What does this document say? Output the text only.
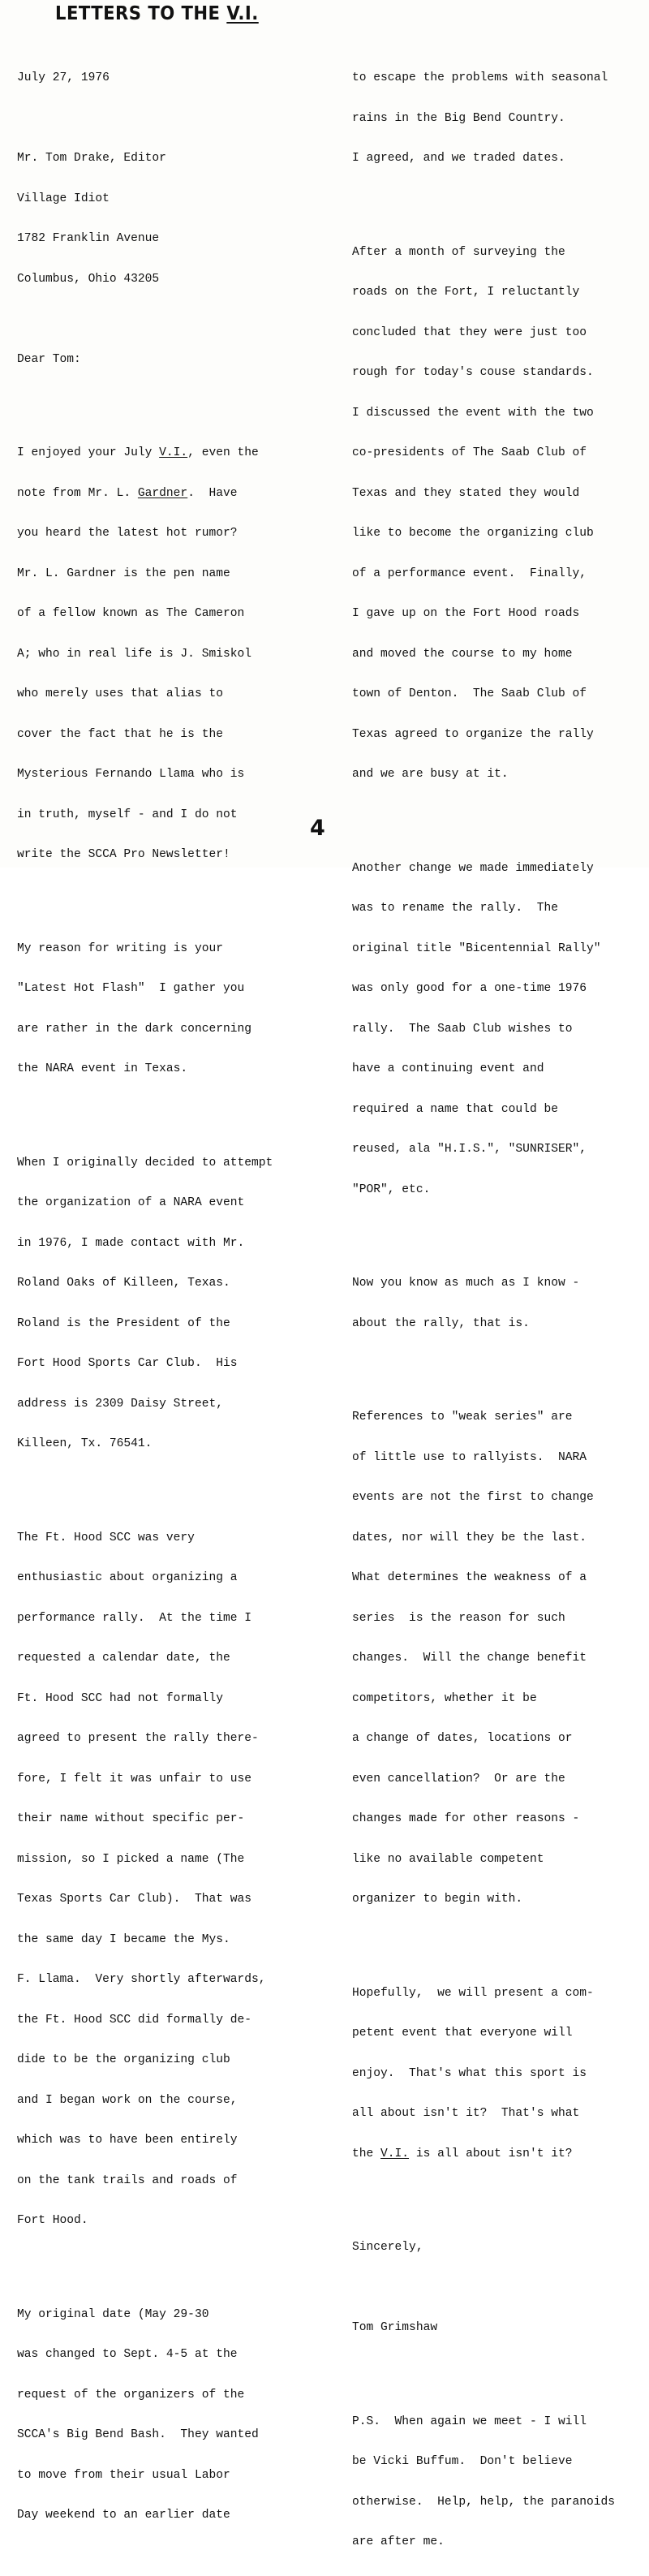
LETTERS TO THE V.I.

July 27, 1976

Mr. Tom Drake, Editor

Village Idiot

1782 Franklin Avenue

Columbus, Ohio 43205

Dear Tom:

I enjoyed your July V.I., even the

note from Mr. L. Gardner.  Have

you heard the latest hot rumor?

Mr. L. Gardner is the pen name

of a fellow known as The Cameron

A; who in real life is J. Smiskol

who merely uses that alias to

cover the fact that he is the

Mysterious Fernando Llama who is

in truth, myself - and I do not

write the SCCA Pro Newsletter!

My reason for writing is your

"Latest Hot Flash"  I gather you

are rather in the dark concerning

the NARA event in Texas.

When I originally decided to attempt

the organization of a NARA event

in 1976, I made contact with Mr.

Roland Oaks of Killeen, Texas.

Roland is the President of the

Fort Hood Sports Car Club.  His

address is 2309 Daisy Street,

Killeen, Tx. 76541.

The Ft. Hood SCC was very

enthusiastic about organizing a

performance rally.  At the time I

requested a calendar date, the

Ft. Hood SCC had not formally

agreed to present the rally there-

fore, I felt it was unfair to use

their name without specific per-

mission, so I picked a name (The

Texas Sports Car Club).  That was

the same day I became the Mys.

F. Llama.  Very shortly afterwards,

the Ft. Hood SCC did formally de-

dide to be the organizing club

and I began work on the course,

which was to have been entirely

on the tank trails and roads of

Fort Hood.

My original date (May 29-30

was changed to Sept. 4-5 at the

request of the organizers of the

SCCA's Big Bend Bash.  They wanted

to move from their usual Labor

Day weekend to an earlier date

to escape the problems with seasonal

rains in the Big Bend Country.

I agreed, and we traded dates.

After a month of surveying the

roads on the Fort, I reluctantly

concluded that they were just too

rough for today's couse standards.

I discussed the event with the two

co-presidents of The Saab Club of

Texas and they stated they would

like to become the organizing club

of a performance event.  Finally,

I gave up on the Fort Hood roads

and moved the course to my home

town of Denton.  The Saab Club of

Texas agreed to organize the rally

and we are busy at it.

Another change we made immediately

was to rename the rally.  The

original title "Bicentennial Rally"

was only good for a one-time 1976

rally.  The Saab Club wishes to

have a continuing event and

required a name that could be

reused, ala "H.I.S.", "SUNRISER",

"POR", etc.

Now you know as much as I know -

about the rally, that is.

References to "weak series" are

of little use to rallyists.  NARA

events are not the first to change

dates, nor will they be the last.

What determines the weakness of a

series  is the reason for such

changes.  Will the change benefit

competitors, whether it be

a change of dates, locations or

even cancellation?  Or are the

changes made for other reasons -

like no available competent

organizer to begin with.

Hopefully,  we will present a com-

petent event that everyone will

enjoy.  That's what this sport is

all about isn't it?  That's what

the V.I. is all about isn't it?

Sincerely,

Tom Grimshaw

P.S.  When again we meet - I will

be Vicki Buffum.  Don't believe

otherwise.  Help, help, the paranoids

are after me.

4
